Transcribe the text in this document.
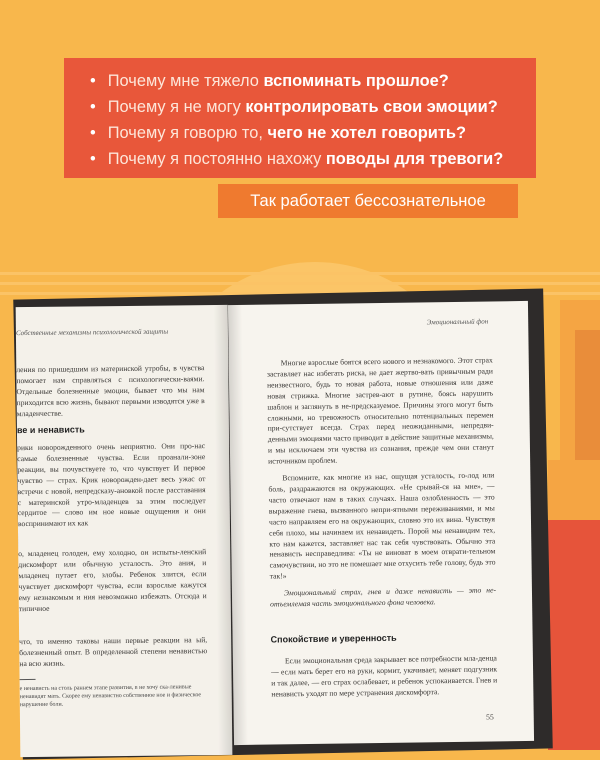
• Почему мне тяжело вспоминать прошлое?
• Почему я не могу контролировать свои эмоции?
• Почему я говорю то, чего не хотел говорить?
• Почему я постоянно нахожу поводы для тревоги?
Так работает бессознательное
Собственные механизмы психологической защиты

ления по пришедшим из материнской утробы, в чувства помогает нам справляться с психологически-ваями. Отдельные болезненные эмоции, бывает что мы нам приходится всю жизнь, бывают первыми изводятся уже в младенчестве.

ве и ненависть

рики новорожденного очень неприятно. Они про-нас самые болезненные чувства. Если проанали-зоне реакции, вы почувствуете то, что чувствует И первое чувство — страх. Крик новорожден-дает весь ужас от встречи с новой, непредсказу-ановкой после расставания с материнской утро-младенцев за этим последует сердитое — слово им ное новые ощущения и они воспринимают их как

о, младенец голоден, ему холодно, он испыты-ленский дискомфорт или обычную усталость. Это ания, и младенец путает его, злобы. Ребенок злится, если чувствует дискомфорт чувства, если взрослые кажутся ему незнакомым и ния невозможно избежать. Отсюда и типичное

что, то именно таковы наши первые реакции на ый, болезненный опыт. В определенной степени ненавистью на всю жизнь.

е ненависть на столь раннем этапе развития, в не хочу ска-ленивые ненавидят мать. Скорее ему ненавистно собственное ное и физическое нарушение боли.
Эмоциональный фон

Многие взрослые боятся всего нового и незнакомого. Этот страх заставляет нас избегать риска, не дает жертво-вать привычным ради неизвестного, будь то новая работа, новые отношения или даже новая стрижка. Многие застрев-ают в рутине, боясь нарушить шаблон и заглянуть в не-предсказуемое. Причины этого могут быть сложными, но тревожность относительно потенциальных перемен при-сутствует всегда. Страх перед неожиданными, непредви-денными эмоциями часто приводит в действие защитные механизмы, и мы исключаем эти чувства из сознания, прежде чем они станут источником проблем.

Вспомните, как многие из нас, ощущая усталость, го-лод или боль, раздражаются на окружающих. «Не срывай-ся на мне», — часто отвечают нам в таких случаях. Наша озлобленность — это выражение гнева, вызванного непри-ятными переживаниями, и мы часто направляем его на окружающих, словно это их вина. Чувствуя себя плохо, мы начинаем их ненавидеть. Порой мы ненавидим тех, кто нам кажется, заставляет нас так себя чувствовать. Обычно эта ненависть несправедлива: «Ты не виноват в моем отврати-тельном самочувствии, но это не помешает мне отхусить тебе голову, будь это так!»

Эмоциональный страх, гнев и даже ненависть — это не-отъемлемая часть эмоционального фона человека.

Спокойствие и уверенность

Если эмоциональная среда закрывает все потребности мла-денца — если мать берет его на руки, кормит, укачивает, меняет подгузник и так далее, — его страх ослабевает, и ребенок успокаивается. Гнев и ненависть уходят по мере устранения дискомфорта.

55
